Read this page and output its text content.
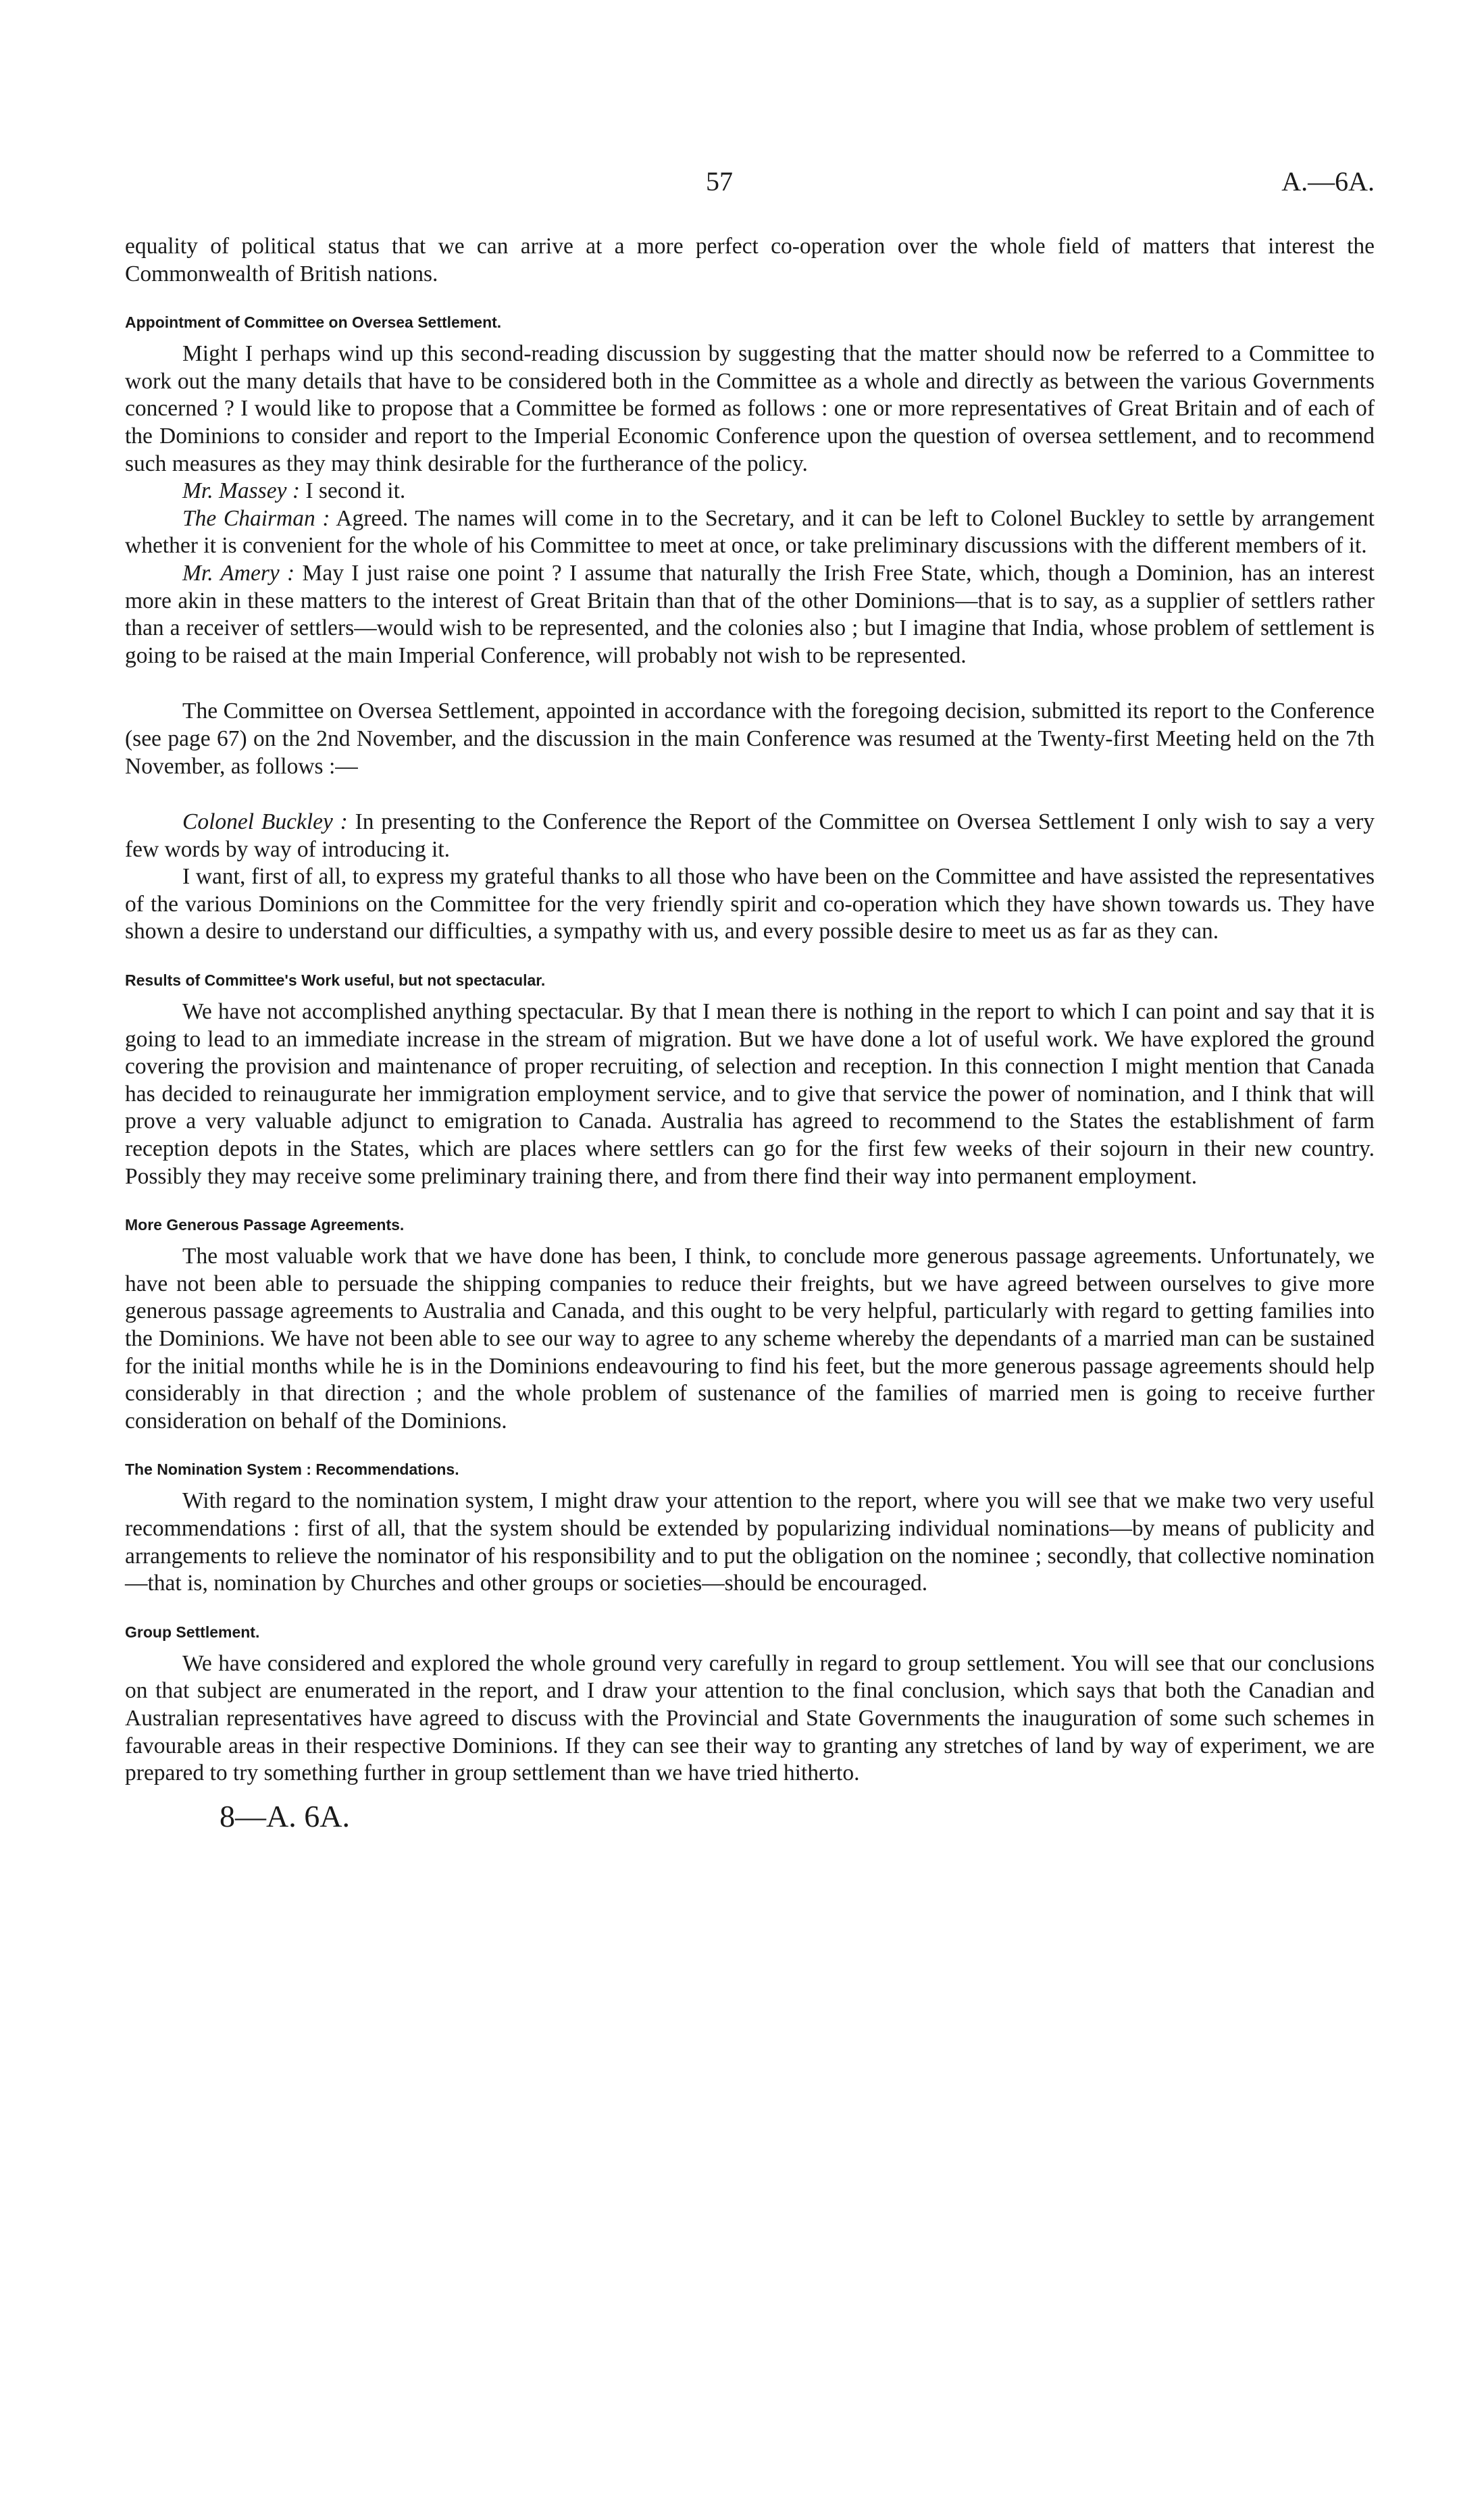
57	A.—6A.

equality of political status that we can arrive at a more perfect co-operation over the whole field of matters that interest the Commonwealth of British nations.

Appointment of Committee on Oversea Settlement.

Might I perhaps wind up this second-reading discussion by suggesting that the matter should now be referred to a Committee to work out the many details that have to be considered both in the Committee as a whole and directly as between the various Governments concerned ? I would like to propose that a Committee be formed as follows : one or more representatives of Great Britain and of each of the Dominions to consider and report to the Imperial Economic Conference upon the question of oversea settlement, and to recommend such measures as they may think desirable for the furtherance of the policy.

Mr. Massey : I second it.

The Chairman : Agreed. The names will come in to the Secretary, and it can be left to Colonel Buckley to settle by arrangement whether it is convenient for the whole of his Committee to meet at once, or take preliminary discussions with the different members of it.

Mr. Amery : May I just raise one point ? I assume that naturally the Irish Free State, which, though a Dominion, has an interest more akin in these matters to the interest of Great Britain than that of the other Dominions—that is to say, as a supplier of settlers rather than a receiver of settlers—would wish to be represented, and the colonies also ; but I imagine that India, whose problem of settlement is going to be raised at the main Imperial Conference, will probably not wish to be represented.

The Committee on Oversea Settlement, appointed in accordance with the foregoing decision, submitted its report to the Conference (see page 67) on the 2nd November, and the discussion in the main Conference was resumed at the Twenty-first Meeting held on the 7th November, as follows :—

Colonel Buckley : In presenting to the Conference the Report of the Committee on Oversea Settlement I only wish to say a very few words by way of introducing it.

I want, first of all, to express my grateful thanks to all those who have been on the Committee and have assisted the representatives of the various Dominions on the Committee for the very friendly spirit and co-operation which they have shown towards us. They have shown a desire to understand our difficulties, a sympathy with us, and every possible desire to meet us as far as they can.

Results of Committee's Work useful, but not spectacular.

We have not accomplished anything spectacular. By that I mean there is nothing in the report to which I can point and say that it is going to lead to an immediate increase in the stream of migration. But we have done a lot of useful work. We have explored the ground covering the provision and maintenance of proper recruiting, of selection and reception. In this connection I might mention that Canada has decided to reinaugurate her immigration employment service, and to give that service the power of nomination, and I think that will prove a very valuable adjunct to emigration to Canada. Australia has agreed to recommend to the States the establishment of farm reception depots in the States, which are places where settlers can go for the first few weeks of their sojourn in their new country. Possibly they may receive some preliminary training there, and from there find their way into permanent employment.

More Generous Passage Agreements.

The most valuable work that we have done has been, I think, to conclude more generous passage agreements. Unfortunately, we have not been able to persuade the shipping companies to reduce their freights, but we have agreed between ourselves to give more generous passage agreements to Australia and Canada, and this ought to be very helpful, particularly with regard to getting families into the Dominions. We have not been able to see our way to agree to any scheme whereby the dependants of a married man can be sustained for the initial months while he is in the Dominions endeavouring to find his feet, but the more generous passage agreements should help considerably in that direction ; and the whole problem of sustenance of the families of married men is going to receive further consideration on behalf of the Dominions.

The Nomination System : Recommendations.

With regard to the nomination system, I might draw your attention to the report, where you will see that we make two very useful recommendations : first of all, that the system should be extended by popularizing individual nominations—by means of publicity and arrangements to relieve the nominator of his responsibility and to put the obligation on the nominee ; secondly, that collective nomination—that is, nomination by Churches and other groups or societies—should be encouraged.

Group Settlement.

We have considered and explored the whole ground very carefully in regard to group settlement. You will see that our conclusions on that subject are enumerated in the report, and I draw your attention to the final conclusion, which says that both the Canadian and Australian representatives have agreed to discuss with the Provincial and State Governments the inauguration of some such schemes in favourable areas in their respective Dominions. If they can see their way to granting any stretches of land by way of experiment, we are prepared to try something further in group settlement than we have tried hitherto.

8—A. 6A.
